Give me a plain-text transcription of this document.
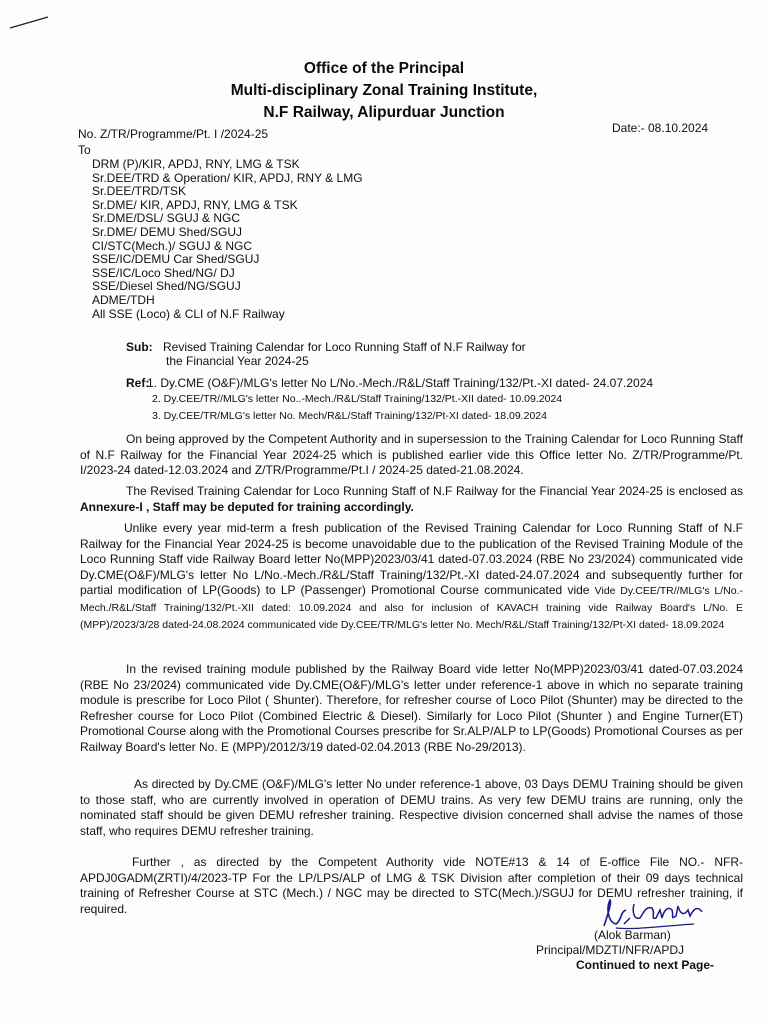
Office of the Principal
Multi-disciplinary Zonal Training Institute,
N.F Railway, Alipurduar Junction
No. Z/TR/Programme/Pt. I /2024-25	Date:- 08.10.2024
To
DRM (P)/KIR, APDJ, RNY, LMG & TSK
Sr.DEE/TRD & Operation/ KIR, APDJ, RNY & LMG
Sr.DEE/TRD/TSK
Sr.DME/ KIR, APDJ, RNY, LMG & TSK
Sr.DME/DSL/ SGUJ & NGC
Sr.DME/ DEMU Shed/SGUJ
CI/STC(Mech.)/ SGUJ & NGC
SSE/IC/DEMU Car Shed/SGUJ
SSE/IC/Loco Shed/NG/ DJ
SSE/Diesel Shed/NG/SGUJ
ADME/TDH
All SSE (Loco) & CLI of N.F Railway
Sub: Revised Training Calendar for Loco Running Staff of N.F Railway for
the Financial Year 2024-25
Ref:
1. Dy.CME (O&F)/MLG's letter No L/No.-Mech./R&L/Staff Training/132/Pt.-XI dated- 24.07.2024
2. Dy.CEE/TR//MLG's letter No..-Mech./R&L/Staff Training/132/Pt.-XII dated- 10.09.2024
3. Dy.CEE/TR/MLG's letter No. Mech/R&L/Staff Training/132/Pt-XI dated- 18.09.2024
On being approved by the Competent Authority and in supersession to the Training Calendar for Loco Running Staff of N.F Railway for the Financial Year 2024-25 which is published earlier vide this Office letter No. Z/TR/Programme/Pt. I/2023-24 dated-12.03.2024 and Z/TR/Programme/Pt.I / 2024-25 dated-21.08.2024.
The Revised Training Calendar for Loco Running Staff of N.F Railway for the Financial Year 2024-25 is enclosed as Annexure-I , Staff may be deputed for training accordingly.
Unlike every year mid-term a fresh publication of the Revised Training Calendar for Loco Running Staff of N.F Railway for the Financial Year 2024-25 is become unavoidable due to the publication of the Revised Training Module of the Loco Running Staff vide Railway Board letter No(MPP)2023/03/41 dated-07.03.2024 (RBE No 23/2024) communicated vide Dy.CME(O&F)/MLG's letter No L/No.-Mech./R&L/Staff Training/132/Pt.-XI dated-24.07.2024 and subsequently further for partial modification of LP(Goods) to LP (Passenger) Promotional Course communicated vide Vide Dy.CEE/TR//MLG's L/No.-Mech./R&L/Staff Training/132/Pt.-XII dated: 10.09.2024 and also for inclusion of KAVACH training vide Railway Board's L/No. E (MPP)/2023/3/28 dated-24.08.2024 communicated vide Dy.CEE/TR/MLG's letter No. Mech/R&L/Staff Training/132/Pt-XI dated- 18.09.2024
In the revised training module published by the Railway Board vide letter No(MPP)2023/03/41 dated-07.03.2024 (RBE No 23/2024) communicated vide Dy.CME(O&F)/MLG's letter under reference-1 above in which no separate training module is prescribe for Loco Pilot ( Shunter). Therefore, for refresher course of Loco Pilot (Shunter) may be directed to the Refresher course for Loco Pilot (Combined Electric & Diesel). Similarly for Loco Pilot (Shunter ) and Engine Turner(ET) Promotional Course along with the Promotional Courses prescribe for Sr.ALP/ALP to LP(Goods) Promotional Courses as per Railway Board's letter No. E (MPP)/2012/3/19 dated-02.04.2013 (RBE No-29/2013).
As directed by Dy.CME (O&F)/MLG's letter No under reference-1 above, 03 Days DEMU Training should be given to those staff, who are currently involved in operation of DEMU trains. As very few DEMU trains are running, only the nominated staff should be given DEMU refresher training. Respective division concerned shall advise the names of those staff, who requires DEMU refresher training.
Further , as directed by the Competent Authority vide NOTE#13 & 14 of E-office File NO.- NFR-APDJ0GADM(ZRTI)/4/2023-TP For the LP/LPS/ALP of LMG & TSK Division after completion of their 09 days technical training of Refresher Course at STC (Mech.) / NGC may be directed to STC(Mech.)/SGUJ for DEMU refresher training, if required.
(Alok Barman)
Principal/MDZTI/NFR/APDJ
Continued to next Page-
